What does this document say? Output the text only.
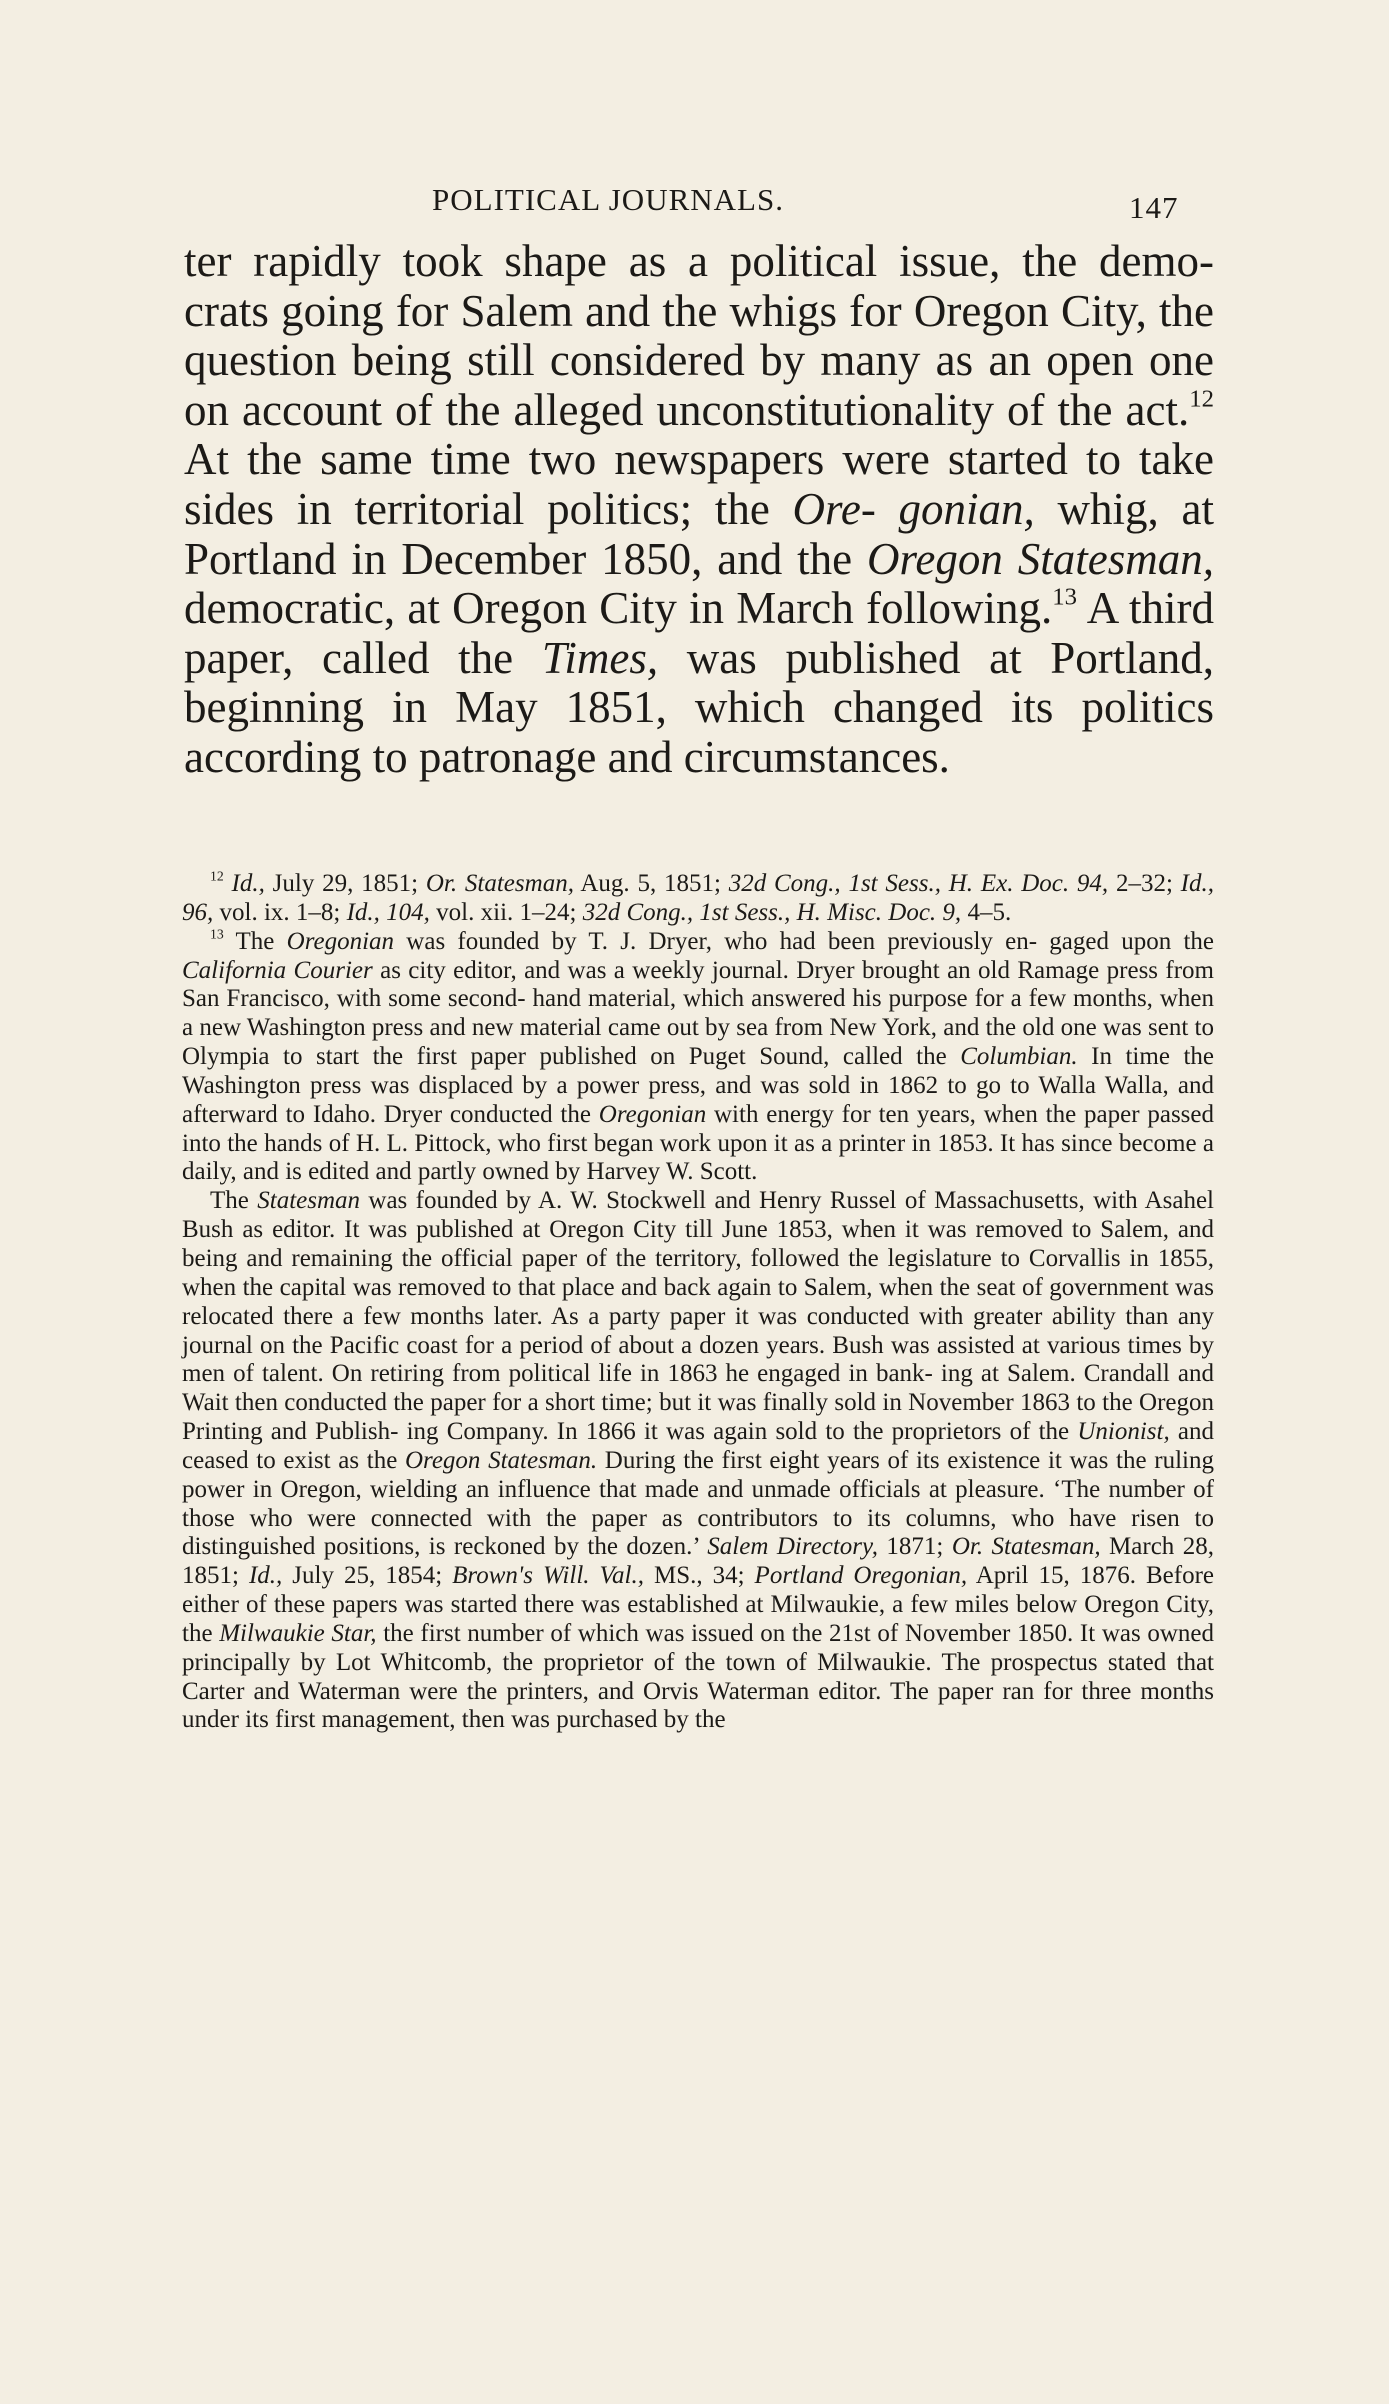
POLITICAL JOURNALS.	147

ter rapidly took shape as a political issue, the demo- crats going for Salem and the whigs for Oregon City, the question being still considered by many as an open one on account of the alleged unconstitutionality of the act.$^{12}$ At the same time two newspapers were started to take sides in territorial politics; the Ore- gonian, whig, at Portland in December 1850, and the Oregon Statesman, democratic, at Oregon City in March following.$^{13}$ A third paper, called the Times, was published at Portland, beginning in May 1851, which changed its politics according to patronage and circumstances.

$^{12}$ Id., July 29, 1851; Or. Statesman, Aug. 5, 1851; 32d Cong., 1st Sess., H. Ex. Doc. 94, 2–32; Id., 96, vol. ix. 1–8; Id., 104, vol. xii. 1–24; 32d Cong., 1st Sess., H. Misc. Doc. 9, 4–5.

$^{13}$ The Oregonian was founded by T. J. Dryer, who had been previously en- gaged upon the California Courier as city editor, and was a weekly journal. Dryer brought an old Ramage press from San Francisco, with some second- hand material, which answered his purpose for a few months, when a new Washington press and new material came out by sea from New York, and the old one was sent to Olympia to start the first paper published on Puget Sound, called the Columbian. In time the Washington press was displaced by a power press, and was sold in 1862 to go to Walla Walla, and afterward to Idaho. Dryer conducted the Oregonian with energy for ten years, when the paper passed into the hands of H. L. Pittock, who first began work upon it as a printer in 1853. It has since become a daily, and is edited and partly owned by Harvey W. Scott.

The Statesman was founded by A. W. Stockwell and Henry Russel of Massachusetts, with Asahel Bush as editor. It was published at Oregon City till June 1853, when it was removed to Salem, and being and remaining the official paper of the territory, followed the legislature to Corvallis in 1855, when the capital was removed to that place and back again to Salem, when the seat of government was relocated there a few months later. As a party paper it was conducted with greater ability than any journal on the Pacific coast for a period of about a dozen years. Bush was assisted at various times by men of talent. On retiring from political life in 1863 he engaged in bank- ing at Salem. Crandall and Wait then conducted the paper for a short time; but it was finally sold in November 1863 to the Oregon Printing and Publish- ing Company. In 1866 it was again sold to the proprietors of the Unionist, and ceased to exist as the Oregon Statesman. During the first eight years of its existence it was the ruling power in Oregon, wielding an influence that made and unmade officials at pleasure. ‘The number of those who were connected with the paper as contributors to its columns, who have risen to distinguished positions, is reckoned by the dozen.’ Salem Directory, 1871; Or. Statesman, March 28, 1851; Id., July 25, 1854; Brown's Will. Val., MS., 34; Portland Oregonian, April 15, 1876. Before either of these papers was started there was established at Milwaukie, a few miles below Oregon City, the Milwaukie Star, the first number of which was issued on the 21st of November 1850. It was owned principally by Lot Whitcomb, the proprietor of the town of Milwaukie. The prospectus stated that Carter and Waterman were the printers, and Orvis Waterman editor. The paper ran for three months under its first management, then was purchased by the
